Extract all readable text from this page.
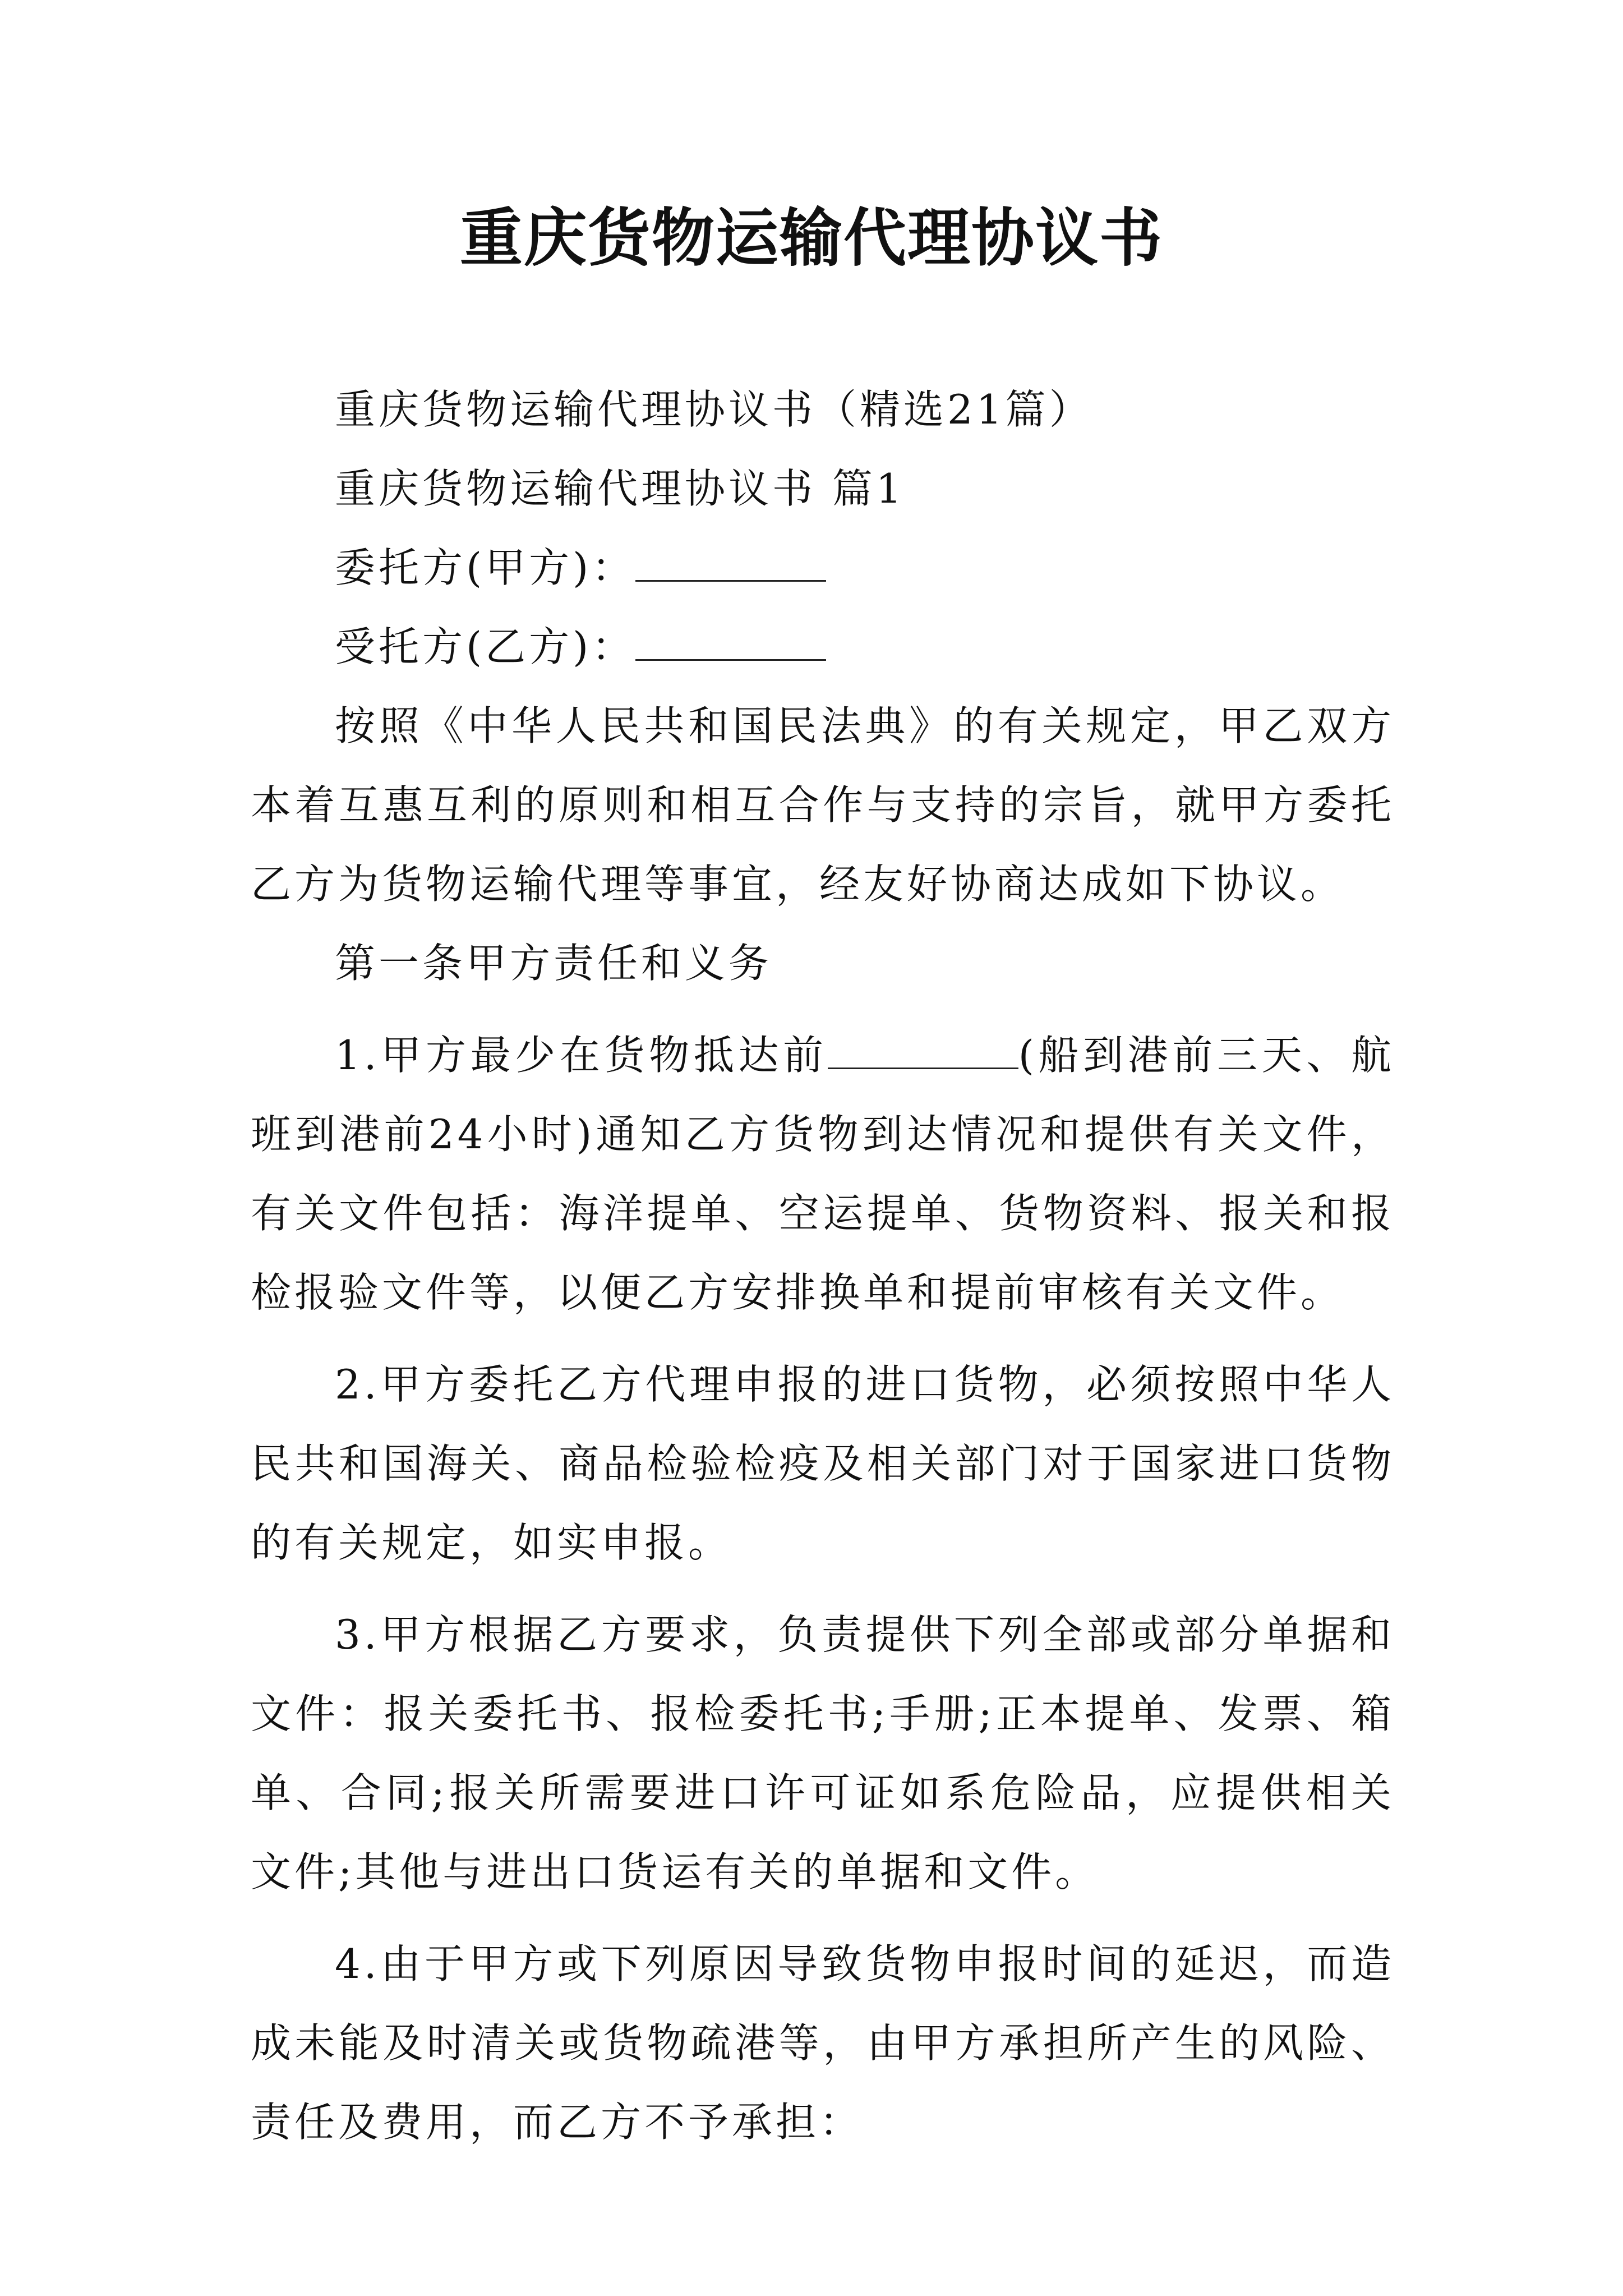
重庆货物运输代理协议书

重庆货物运输代理协议书（精选21篇）

重庆货物运输代理协议书 篇1

委托方(甲方)：

受托方(乙方)：

按照《中华人民共和国民法典》的有关规定，甲乙双方本着互惠互利的原则和相互合作与支持的宗旨，就甲方委托乙方为货物运输代理等事宜，经友好协商达成如下协议。

第一条甲方责任和义务

1.甲方最少在货物抵达前	(船到港前三天、航班到港前24小时)通知乙方货物到达情况和提供有关文件，有关文件包括：海洋提单、空运提单、货物资料、报关和报检报验文件等，以便乙方安排换单和提前审核有关文件。

2.甲方委托乙方代理申报的进口货物，必须按照中华人民共和国海关、商品检验检疫及相关部门对于国家进口货物的有关规定，如实申报。

3.甲方根据乙方要求，负责提供下列全部或部分单据和文件：报关委托书、报检委托书;手册;正本提单、发票、箱单、合同;报关所需要进口许可证如系危险品，应提供相关文件;其他与进出口货运有关的单据和文件。

4.由于甲方或下列原因导致货物申报时间的延迟，而造成未能及时清关或货物疏港等，由甲方承担所产生的风险、责任及费用，而乙方不予承担：
